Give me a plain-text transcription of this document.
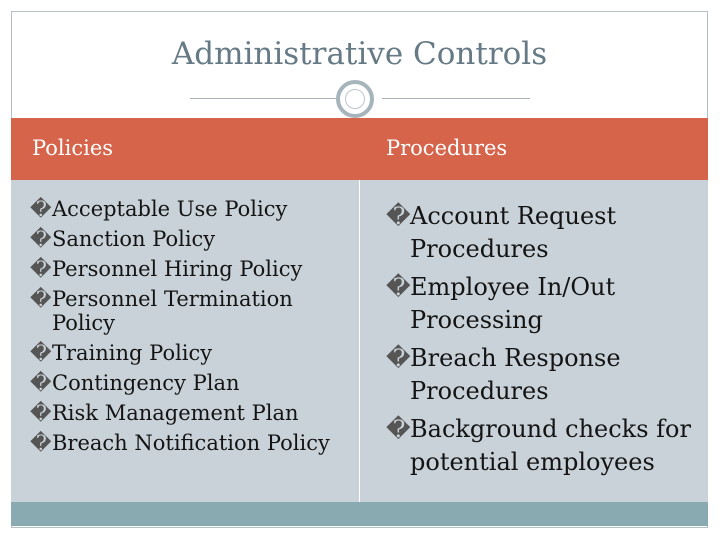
Administrative Controls
Policies	Procedures
� Acceptable Use Policy
� Sanction Policy
� Personnel Hiring Policy
� Personnel Termination Policy
� Training Policy
� Contingency Plan
� Risk Management Plan
� Breach Notification Policy
� Account Request Procedures
� Employee In/Out Processing
� Breach Response Procedures
� Background checks for potential employees
